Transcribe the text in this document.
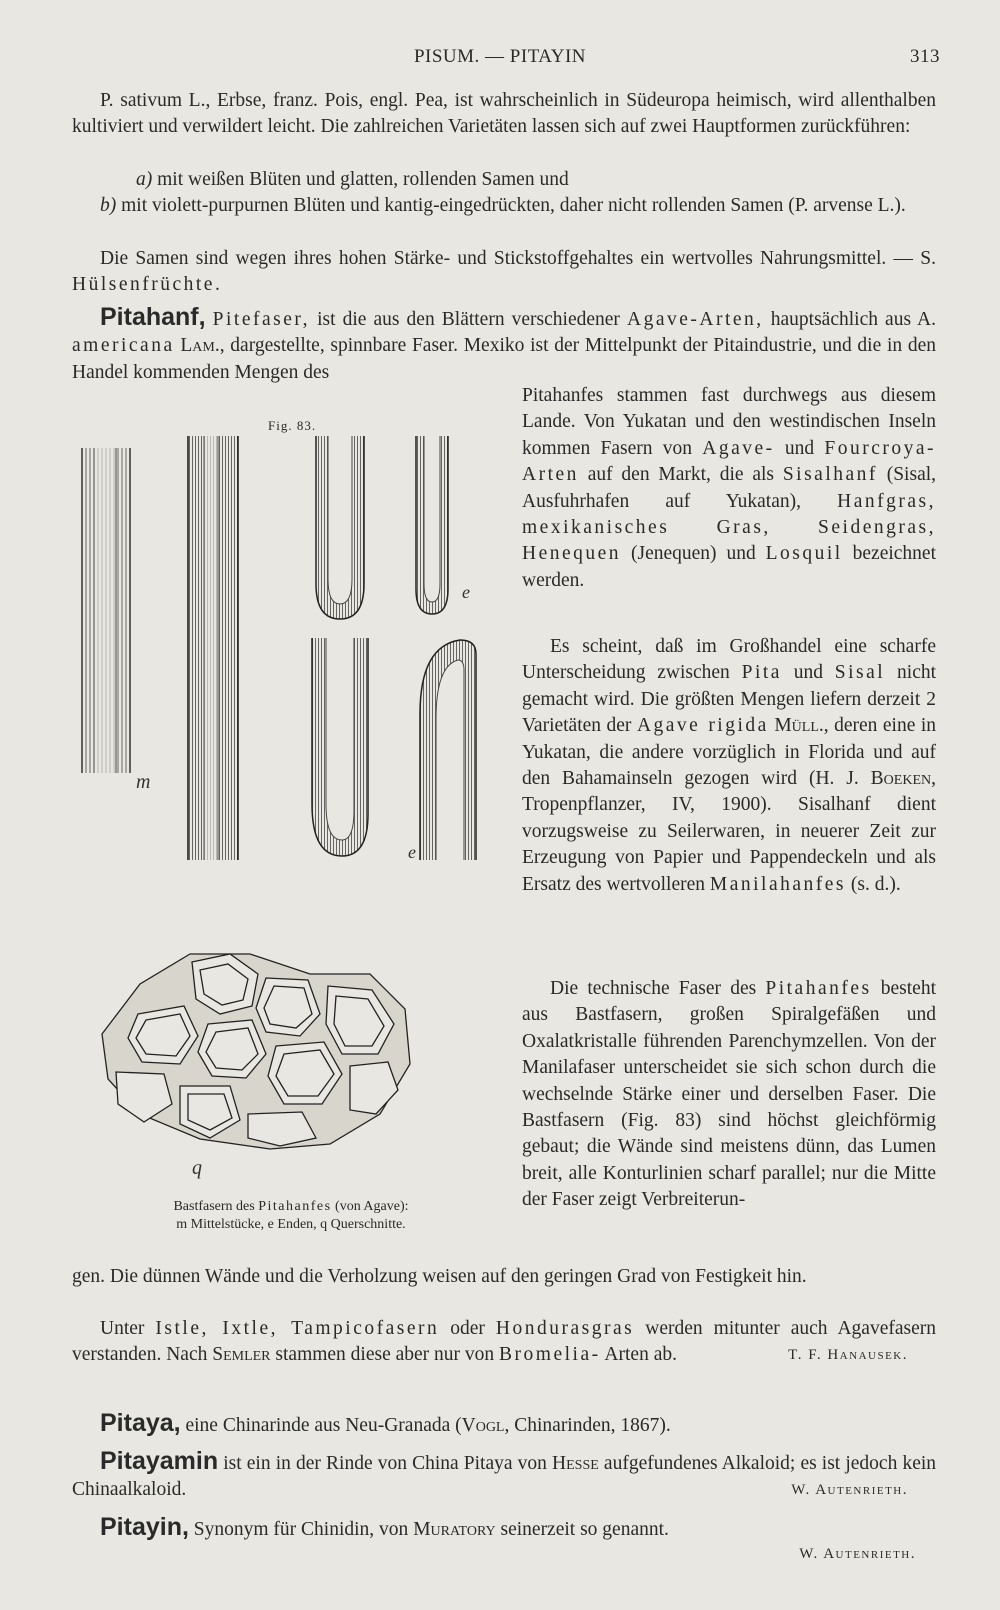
PISUM. — PITAYIN	313

P. sativum L., Erbse, franz. Pois, engl. Pea, ist wahrscheinlich in Südeuropa heimisch, wird allenthalben kultiviert und verwildert leicht. Die zahlreichen Varietäten lassen sich auf zwei Hauptformen zurückführen:

a) mit weißen Blüten und glatten, rollenden Samen und

b) mit violett-purpurnen Blüten und kantig-eingedrückten, daher nicht rollenden Samen (P. arvense L.).

Die Samen sind wegen ihres hohen Stärke- und Stickstoffgehaltes ein wertvolles Nahrungsmittel. — S. Hülsenfrüchte.

Pitahanf, Pitefaser, ist die aus den Blättern verschiedener Agave-Arten, hauptsächlich aus A. americana Lam., dargestellte, spinnbare Faser. Mexiko ist der Mittelpunkt der Pitaindustrie, und die in den Handel kommenden Mengen des

Pitahanfes stammen fast durchwegs aus diesem Lande. Von Yukatan und den westindischen Inseln kommen Fasern von Agave- und Fourcroya-Arten auf den Markt, die als Sisalhanf (Sisal, Ausfuhrhafen auf Yukatan), Hanfgras, mexikanisches Gras, Seidengras, Henequen (Jenequen) und Losquil bezeichnet werden.

Es scheint, daß im Großhandel eine scharfe Unterscheidung zwischen Pita und Sisal nicht gemacht wird. Die größten Mengen liefern derzeit 2 Varietäten der Agave rigida Müll., deren eine in Yukatan, die andere vorzüglich in Florida und auf den Bahamainseln gezogen wird (H. J. Boeken, Tropenpflanzer, IV, 1900). Sisalhanf dient vorzugsweise zu Seilerwaren, in neuerer Zeit zur Erzeugung von Papier und Pappendeckeln und als Ersatz des wertvolleren Manilahanfes (s. d.).

Die technische Faser des Pitahanfes besteht aus Bastfasern, großen Spiralgefäßen und Oxalatkristalle führenden Parenchymzellen. Von der Manilafaser unterscheidet sie sich schon durch die wechselnde Stärke einer und derselben Faser. Die Bastfasern (Fig. 83) sind höchst gleichförmig gebaut; die Wände sind meistens dünn, das Lumen breit, alle Konturlinien scharf parallel; nur die Mitte der Faser zeigt Verbreiterun-

gen. Die dünnen Wände und die Verholzung weisen auf den geringen Grad von Festigkeit hin.

Unter Istle, Ixtle, Tampicofasern oder Hondurasgras werden mitunter auch Agavefasern verstanden. Nach Semler stammen diese aber nur von Bromelia- Arten ab.	T. F. Hanausek.

Pitaya, eine Chinarinde aus Neu-Granada (Vogl, Chinarinden, 1867).

Pitayamin ist ein in der Rinde von China Pitaya von Hesse aufgefundenes Alkaloid; es ist jedoch kein Chinaalkaloid.	W. Autenrieth.

Pitayin, Synonym für Chinidin, von Muratory seinerzeit so genannt.

W. Autenrieth.
Fig. 83.
m
e
e
q
Bastfasern des Pitahanfes (von Agave):
m Mittelstücke, e Enden, q Querschnitte.
